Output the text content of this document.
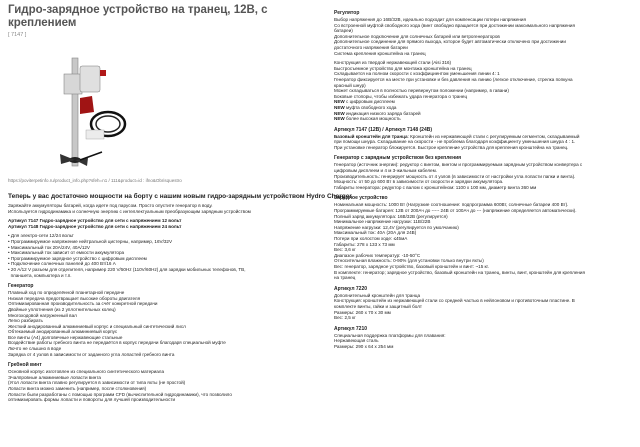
Гидро-зарядное устройство на транец, 12В, с креплением

[ 7147 ]

https://poviterpetinfo.ru/product_info.php?sfeh=n1 / 111&product=id : ifno&Obrisquestro

Теперь у вас достаточно мощности на борту с нашим новым гидро-зарядным устройством Hydro Charger

Заряжайте аккумуляторы батарей, когда идете под парусом. Просто опустите генератор в воду.

Используется гидродинамика и солнечную энергию с интеллектуальным преобразующим зарядным устройством

Артикул 7147 Гидро-зарядное устройство для сети с напряжением 12 вольт

Артикул 7148 Гидро-зарядное устройство для сети с напряжением 24 вольт

• Для электро-сети 12/24 вольт

• Программируемое напряжение нейтральной цистерны, например, 16V/32V

• Максимальный ток 20А/24V, 40А/12V

• Максимальный ток зависит от емкости аккумулятора

• Программируемое зарядное устройство с цифровым дисплеем

• Подключение солнечных панелей до 400 Вт/16 А

• 20 А/12 V разъем для отделителя, например 220 V/50Hz (110V/60Hz) для зарядки мобильных телефонов, ТВ,

планшета, компьютера и т.п.

Генератор

Плавный ход по определённой планетарной передаче

Низкая передача предотвращает высокие обороты двигателя

Оптимизированная производительность за счёт конкретной передачи

Двойные уплотнения (из 2 уплотнительных колец)

Многоходовой нагруженный вал

Легко разбирать

Жесткий анодированный алюминиевый корпус и специальный синтетический лисл

Обтекаемый анодированный алюминиевый корпус

Все винты (А4) долговечные нержавеющие стальные

Воздействие работы гребного винта не передаётся в корпус передачи благодаря специальной муфте

Лючто не слышно в воде

Зарядка от 4 узлов в зависимости от заданного угла лопастей гребного винта

Гребной винт

Основной корпус изготовлен из специального синтетического материала

Эчалпровные алюминиевые лопасти винта

(Угол лопасти винта плавно регулируется в зависимости от типа яхты (не простой)

Лопасти винта можно заменить (например, после столкновения)

Лопасти были разработаны с помощью программ CFD (вычислительной гидродинамики), что позволило

оптимизировать формы лопасти и повороты для лучшей производительности

Регулятор

Выбор напряжения до 16В/32В, идеально подходит для компенсации потери напряжения

Со встроенной муфтой свободного хода (винт свободно вращается при достижении максимального напряжения

батареи)

Дополнительное подключение для солнечных батарей или ветрогенераторов

Дополнительное соединение для прямого выхода, которое будет автоматически отключено при достижении

достаточного напряжения батареи

Система крепления кронштейна на транец

Конструкция из твердой нержавеющей стали (Aisi 316)

Быстросъемное устройство для монтажа кронштейна на транец

Складывается на полном скорости с коэффициентом уменьшения линии 4: 1

Генератор фиксируется на месте при установке и без давления на линию (легкое отключение, стрелка попкуна

красный шнур)

Может складываться в полностью перевернутом положении (например, в гавани)

Боковые стопоры, чтобы избежать удара генератора о транец

NEW с цифровым дисплеем

NEW муфта свободного хода

NEW индикация низкого заряда батарей

NEW более высокая мощность

Артикул 7147 (12В) / Артикул 7148 (24В)

Базовый кронштейн для транца: Кронштейн из нержавеющей стали с регулируемым сегментом, складываемый

при помощи шнура. Складывание на скорости - не проблема благодаря коэффициенту уменьшения шнура 4 : 1.

При установке генератор блокируется. Быстрое крепление устройства для крепления кронштейна на транец.

Генератор с зарядным устройством без крепления

Генератор (источник энергии): редуктор с винтом, винтом и программируемым зарядным устройством конвертера с

цифровым дисплеем и 4 м 3-жильным кабелем.

Производительность: генерирует мощность от 4 узлов (в зависимости от настройки угла лопасти папки и винта).

Мощность: от 50 до 600 Вт в зависимости от скорости и зарядки аккумулятора.

Габариты генератора: редуктор с валом с кронштейном: 1100 x 100 мм, диаметр винта 360 мм

Зарядное устройство

Номинальная мощность: 1000 Вт (Нагрузкие соотношение: подпрограмма 600Вт, солнечные батареи 400 Вт).

Программируемые батарея: 12В от 200Ач до ----- 24В от 100Ач до --- (напряжение определяется автоматически).

Полный заряд аккумулятора: 16В/32В (регулируется)

Минимальное напряжение нагрузки: 11В/22В

Напряжение нагрузки: 12,4V (регулируется по умолчанию)

Максимальный ток: 40А (20А для 24В)

Потери при холостом ходе: ≤45мА

Габариты: 278 x 133 x 73 мм

Вес: 3,6 кг

Диапазон рабочих температур: -10-50°С

Относительная влажность: 0-90% (для установки только внутри яхты)

Вес: генератор, зарядное устройство, базовый кронштейн и винт: ~15 кг.

В комплекте: генератор; зарядное устройство, базовый кронштейн на транец, винты, винт, кронштейн для крепления

на транец

Артикул 7220

Дополнительный кронштейн для транца

Конструкция: кронштейн из нержавеющей стали со средней частью в нейлоновом и противоточным пластине. В

комплекте винты, гайки и защитный болт

Размеры: 260 x 70 x 30 мм

Вес: 2,5 кг

Артикул 7210

Специальная поддержка платформы для плавания:

Нержавеющая сталь

Размеры: 290 x 64 x 254 мм
